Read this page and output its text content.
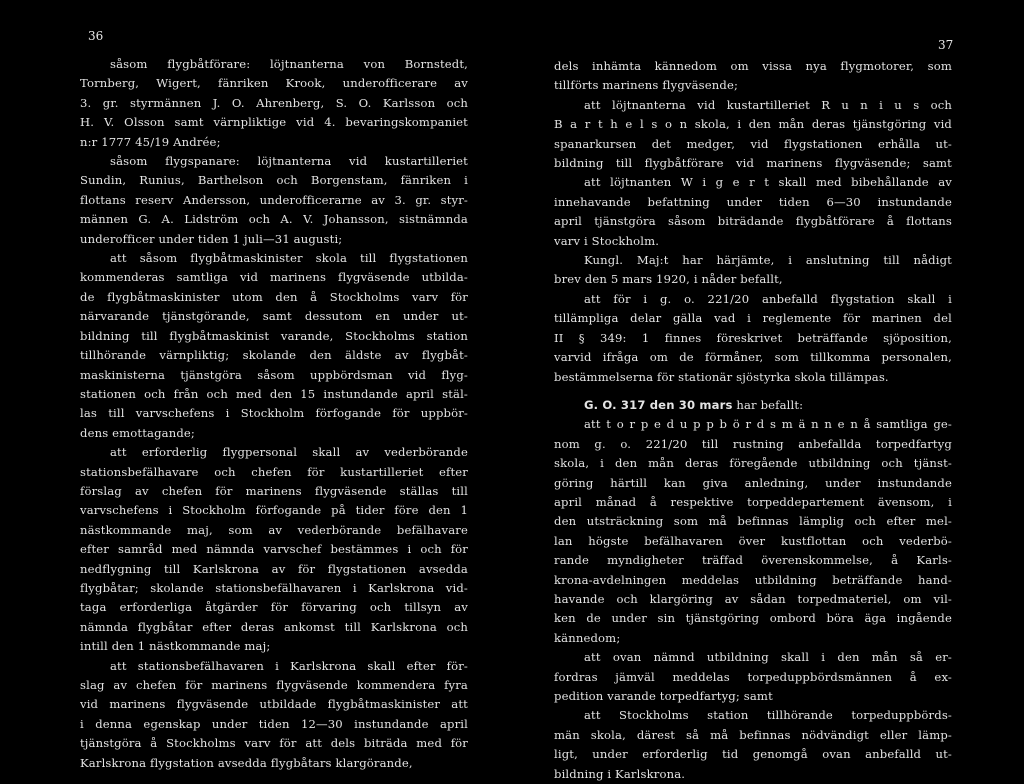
36
såsom flygbåtförare: löjtnanterna von Bornstedt,
Tornberg, Wigert, fänriken Krook, underofficerare av
3. gr. styrmännen J. O. Ahrenberg, S. O. Karlsson och
H. V. Olsson samt värnpliktige vid 4. bevaringskompaniet
n:r 1777 45/19 Andrée;
såsom flygspanare: löjtnanterna vid kustartilleriet
Sundin, Runius, Barthelson och Borgenstam, fänriken i
flottans reserv Andersson, underofficerarne av 3. gr. styr-
männen G. A. Lidström och A. V. Johansson, sistnämnda
underofficer under tiden 1 juli—31 augusti;
att såsom flygbåtmaskinister skola till flygstationen
kommenderas samtliga vid marinens flygväsende utbilda-
de flygbåtmaskinister utom den å Stockholms varv för
närvarande tjänstgörande, samt dessutom en under ut-
bildning till flygbåtmaskinist varande, Stockholms station
tillhörande värnpliktig; skolande den äldste av flygbåt-
maskinisterna tjänstgöra såsom uppbördsman vid flyg-
stationen och från och med den 15 instundande april stäl-
las till varvschefens i Stockholm förfogande för uppbör-
dens emottagande;
att erforderlig flygpersonal skall av vederbörande
stationsbefälhavare och chefen för kustartilleriet efter
förslag av chefen för marinens flygväsende ställas till
varvschefens i Stockholm förfogande på tider före den 1
nästkommande maj, som av vederbörande befälhavare
efter samråd med nämnda varvschef bestämmes i och för
nedflygning till Karlskrona av för flygstationen avsedda
flygbåtar; skolande stationsbefälhavaren i Karlskrona vid-
taga erforderliga åtgärder för förvaring och tillsyn av
nämnda flygbåtar efter deras ankomst till Karlskrona och
intill den 1 nästkommande maj;
att stationsbefälhavaren i Karlskrona skall efter för-
slag av chefen för marinens flygväsende kommendera fyra
vid marinens flygväsende utbildade flygbåtmaskinister att
i denna egenskap under tiden 12—30 instundande april
tjänstgöra å Stockholms varv för att dels biträda med för
Karlskrona flygstation avsedda flygbåtars klargörande,
37
dels inhämta kännedom om vissa nya flygmotorer, som
tillförts marinens flygväsende;
att löjtnanterna vid kustartilleriet R u n i u s och
B a r t h e l s o n skola, i den mån deras tjänstgöring vid
spanarkursen det medger, vid flygstationen erhålla ut-
bildning till flygbåtförare vid marinens flygväsende; samt
att löjtnanten W i g e r t skall med bibehållande av
innehavande befattning under tiden 6—30 instundande
april tjänstgöra såsom biträdande flygbåtförare å flottans
varv i Stockholm.
Kungl. Maj:t har härjämte, i anslutning till nådigt
brev den 5 mars 1920, i nåder befallt,
att för i g. o. 221/20 anbefalld flygstation skall i
tillämpliga delar gälla vad i reglemente för marinen del
II § 349: 1 finnes föreskrivet beträffande sjöposition,
varvid ifråga om de förmåner, som tillkomma personalen,
bestämmelserna för stationär sjöstyrka skola tillämpas.
G. O. 317 den 30 mars har befallt:
att t o r p e d u p p b ö r d s m ä n n e n å samtliga ge-
nom g. o. 221/20 till rustning anbefallda torpedfartyg
skola, i den mån deras föregående utbildning och tjänst-
göring härtill kan giva anledning, under instundande
april månad å respektive torpeddepartement ävensom, i
den utsträckning som må befinnas lämplig och efter mel-
lan högste befälhavaren över kustflottan och vederbö-
rande myndigheter träffad överenskommelse, å Karls-
krona-avdelningen meddelas utbildning beträffande hand-
havande och klargöring av sådan torpedmateriel, om vil-
ken de under sin tjänstgöring ombord böra äga ingående
kännedom;
att ovan nämnd utbildning skall i den mån så er-
fordras jämväl meddelas torpeduppbördsmännen å ex-
pedition varande torpedfartyg; samt
att Stockholms station tillhörande torpeduppbörds-
män skola, därest så må befinnas nödvändigt eller lämp-
ligt, under erforderlig tid genomgå ovan anbefalld ut-
bildning i Karlskrona.
